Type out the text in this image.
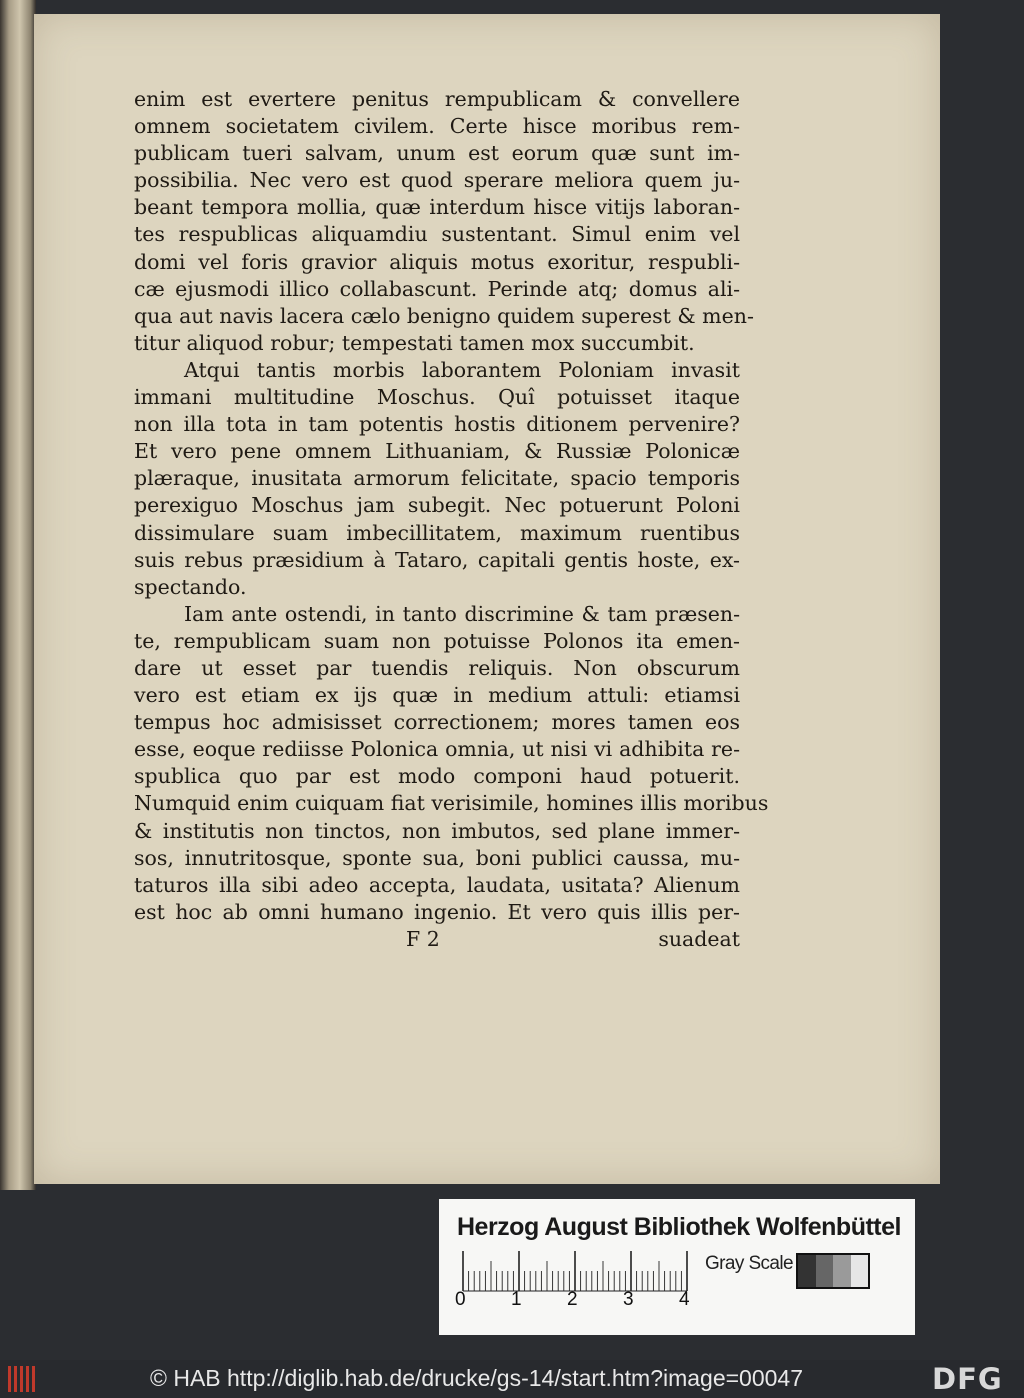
enim est evertere penitus rempublicam & convellere
omnem societatem civilem. Certe hisce moribus rem-
publicam tueri salvam, unum est eorum quæ sunt im-
possibilia. Nec vero est quod sperare meliora quem ju-
beant tempora mollia, quæ interdum hisce vitijs laboran-
tes respublicas aliquamdiu sustentant. Simul enim vel
domi vel foris gravior aliquis motus exoritur, respubli-
cæ ejusmodi illico collabascunt. Perinde atq; domus ali-
qua aut navis lacera cælo benigno quidem superest & men-
titur aliquod robur; tempestati tamen mox succumbit.
Atqui tantis morbis laborantem Poloniam invasit
immani multitudine Moschus. Quî potuisset itaque
non illa tota in tam potentis hostis ditionem pervenire?
Et vero pene omnem Lithuaniam, & Russiæ Polonicæ
plæraque, inusitata armorum felicitate, spacio temporis
perexiguo Moschus jam subegit. Nec potuerunt Poloni
dissimulare suam imbecillitatem, maximum ruentibus
suis rebus præsidium à Tataro, capitali gentis hoste, ex-
spectando.
Iam ante ostendi, in tanto discrimine & tam præsen-
te, rempublicam suam non potuisse Polonos ita emen-
dare ut esset par tuendis reliquis. Non obscurum
vero est etiam ex ijs quæ in medium attuli: etiamsi
tempus hoc admisisset correctionem; mores tamen eos
esse, eoque rediisse Polonica omnia, ut nisi vi adhibita re-
spublica quo par est modo componi haud potuerit.
Numquid enim cuiquam fiat verisimile, homines illis moribus
& institutis non tinctos, non imbutos, sed plane immer-
sos, innutritosque, sponte sua, boni publici caussa, mu-
taturos illa sibi adeo accepta, laudata, usitata? Alienum
est hoc ab omni humano ingenio. Et vero quis illis per-
F 2	suadeat
Herzog August Bibliothek Wolfenbüttel
0 1 2 3 4
Gray Scale
© HAB http://diglib.hab.de/drucke/gs-14/start.htm?image=00047	DFG
